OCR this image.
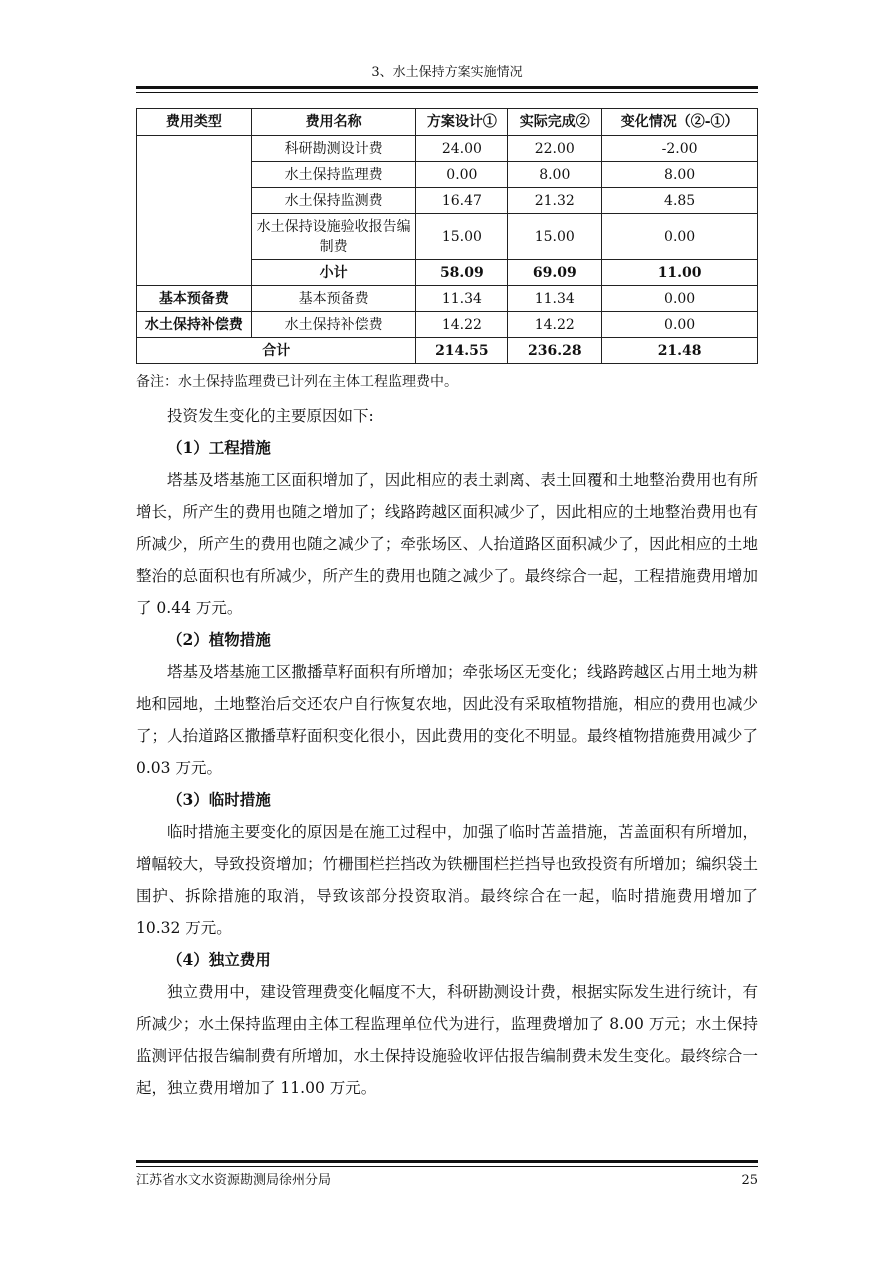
3、水土保持方案实施情况
费用类型	费用名称	方案设计①	实际完成②	变化情况（②-①）
	科研勘测设计费	24.00	22.00	-2.00
	水土保持监理费	0.00	8.00	8.00
	水土保持监测费	16.47	21.32	4.85
	水土保持设施验收报告编制费	15.00	15.00	0.00
	小计	58.09	69.09	11.00
基本预备费	基本预备费	11.34	11.34	0.00
水土保持补偿费	水土保持补偿费	14.22	14.22	0.00
合计		214.55	236.28	21.48
备注：水土保持监理费已计列在主体工程监理费中。

投资发生变化的主要原因如下:

（1）工程措施

塔基及塔基施工区面积增加了，因此相应的表土剥离、表土回覆和土地整治费用也有所增长，所产生的费用也随之增加了；线路跨越区面积减少了，因此相应的土地整治费用也有所减少，所产生的费用也随之减少了；牵张场区、人抬道路区面积减少了，因此相应的土地整治的总面积也有所减少，所产生的费用也随之减少了。最终综合一起，工程措施费用增加了 0.44 万元。

（2）植物措施

塔基及塔基施工区撒播草籽面积有所增加；牵张场区无变化；线路跨越区占用土地为耕地和园地，土地整治后交还农户自行恢复农地，因此没有采取植物措施，相应的费用也减少了；人抬道路区撒播草籽面积变化很小，因此费用的变化不明显。最终植物措施费用减少了 0.03 万元。

（3）临时措施

临时措施主要变化的原因是在施工过程中，加强了临时苫盖措施，苫盖面积有所增加，增幅较大，导致投资增加；竹栅围栏拦挡改为铁栅围栏拦挡导也致投资有所增加；编织袋土围护、拆除措施的取消，导致该部分投资取消。最终综合在一起，临时措施费用增加了 10.32 万元。

（4）独立费用

独立费用中，建设管理费变化幅度不大，科研勘测设计费，根据实际发生进行统计，有所减少；水土保持监理由主体工程监理单位代为进行，监理费增加了 8.00 万元；水土保持监测评估报告编制费有所增加，水土保持设施验收评估报告编制费未发生变化。最终综合一起，独立费用增加了 11.00 万元。

江苏省水文水资源勘测局徐州分局	25
